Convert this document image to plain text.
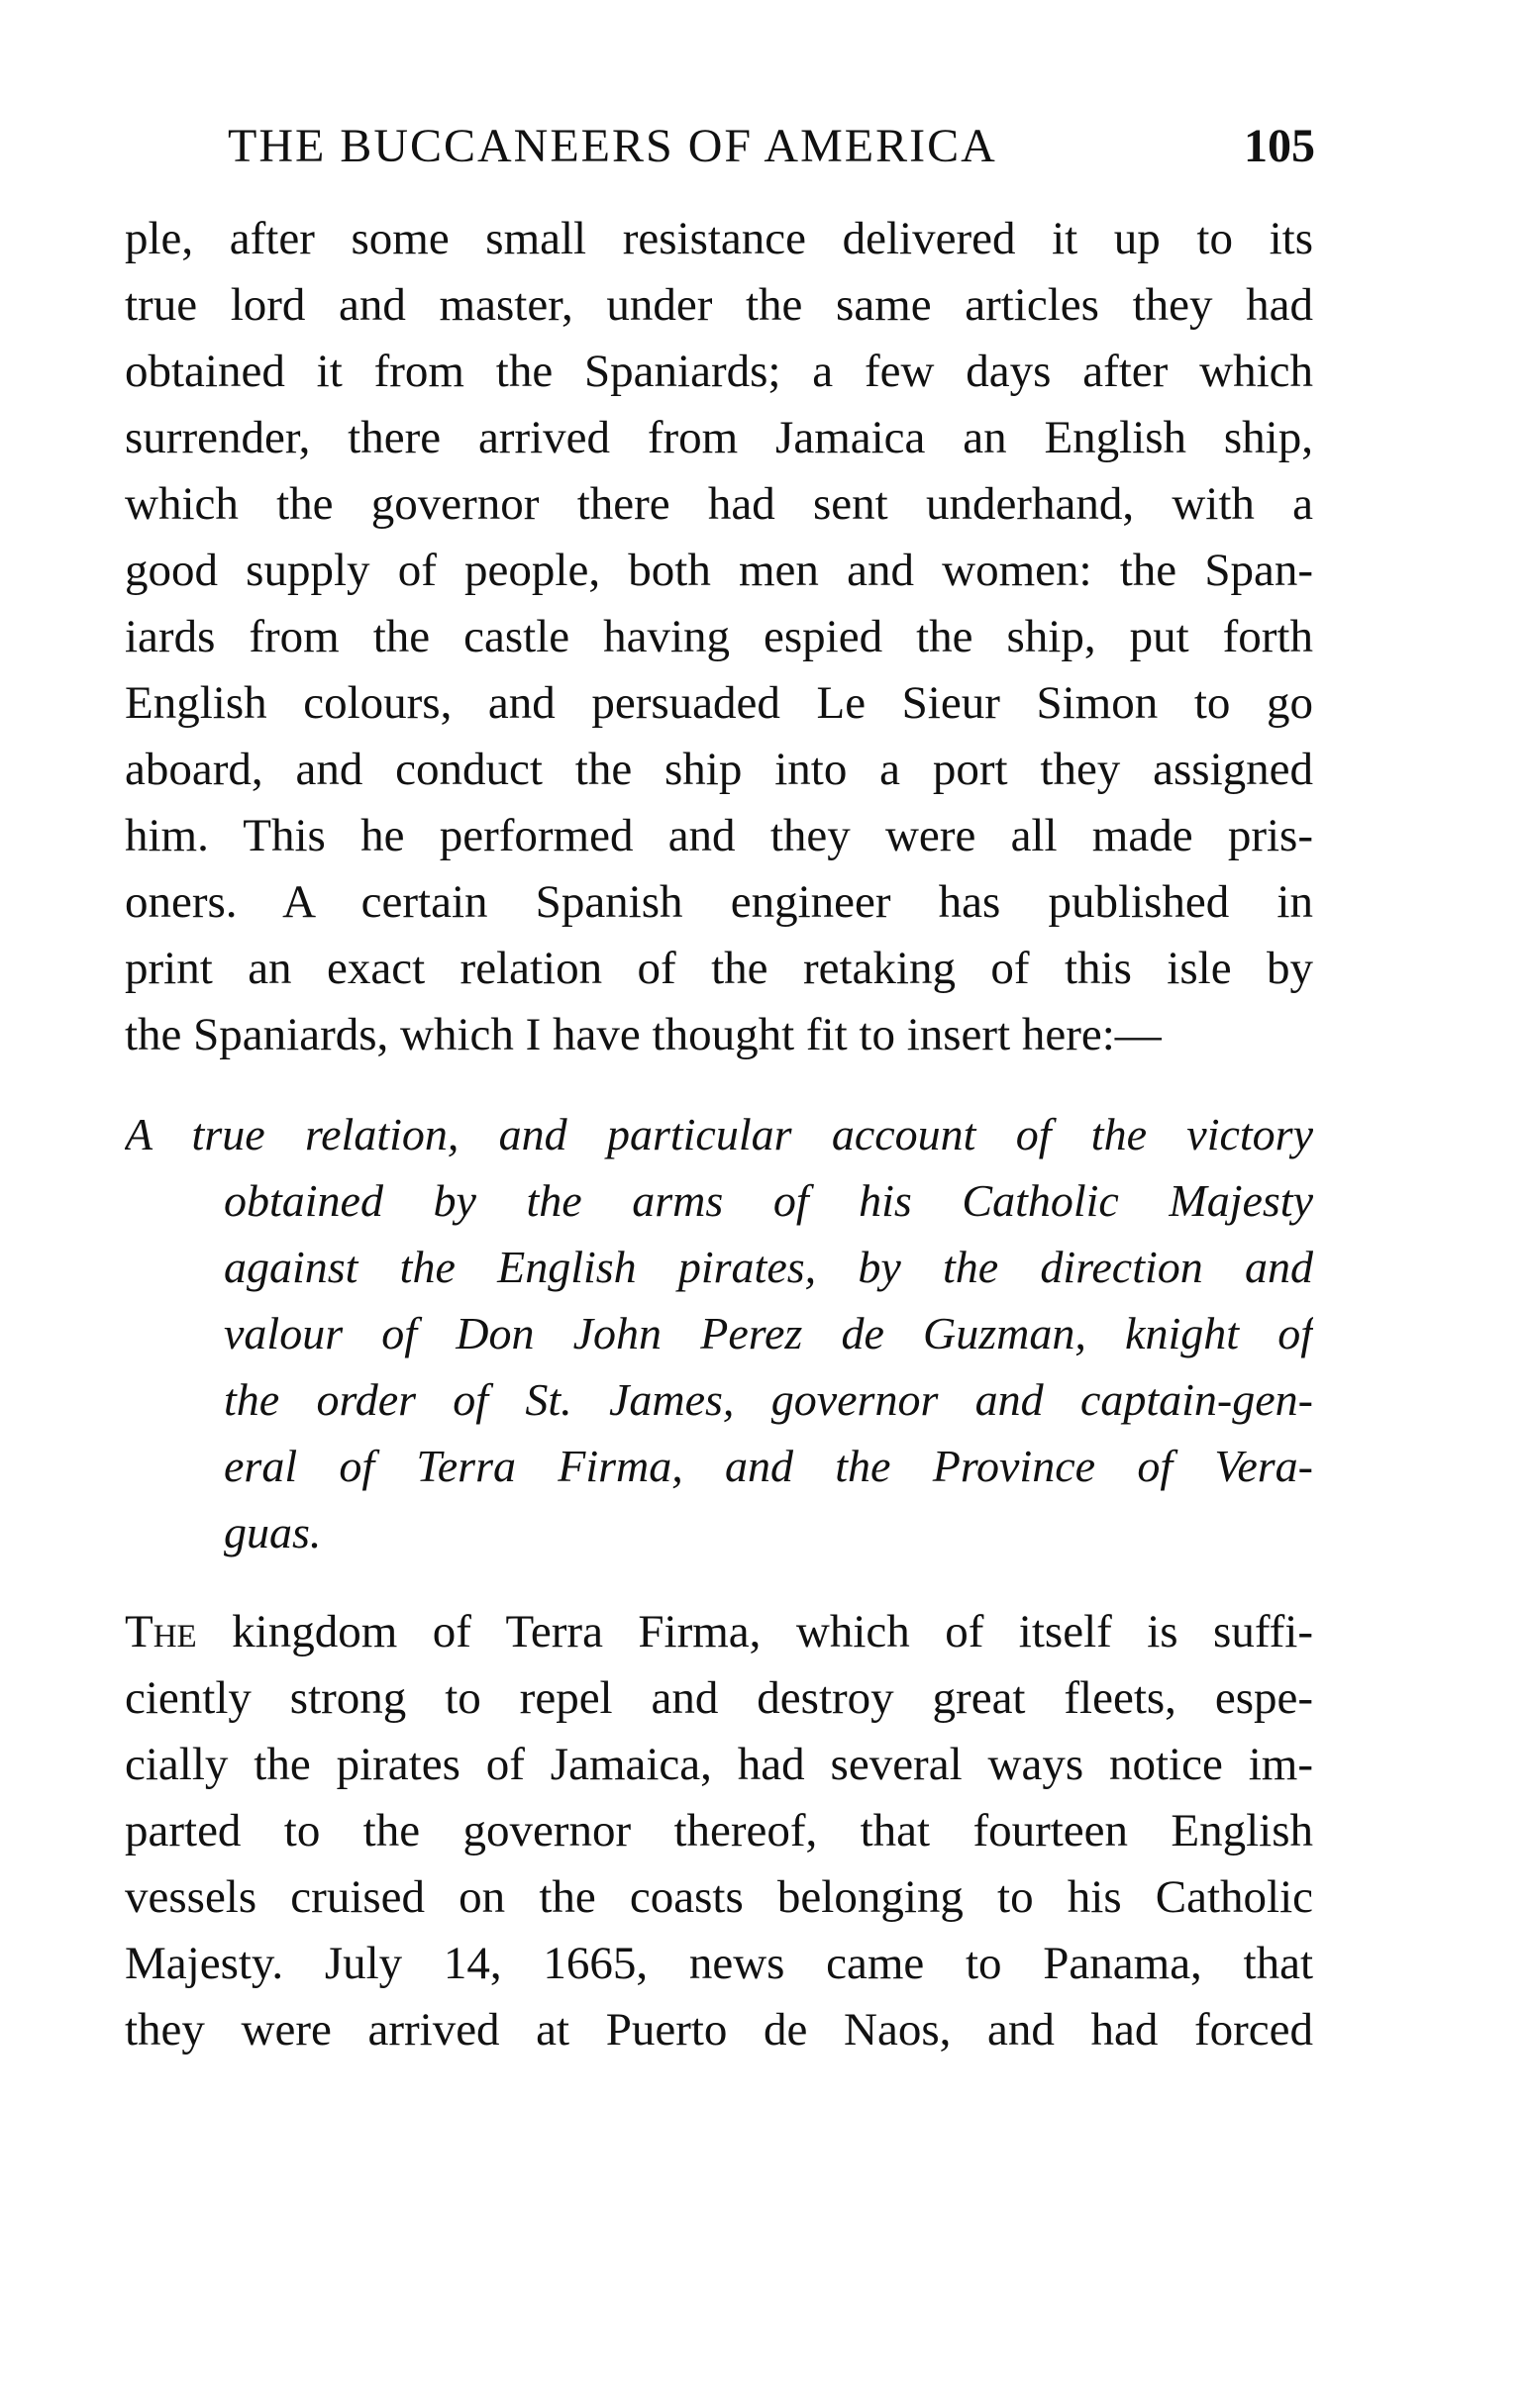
THE BUCCANEERS OF AMERICA	105
ple, after some small resistance delivered it up to its
true lord and master, under the same articles they had
obtained it from the Spaniards; a few days after which
surrender, there arrived from Jamaica an English ship,
which the governor there had sent underhand, with a
good supply of people, both men and women: the Span-
iards from the castle having espied the ship, put forth
English colours, and persuaded Le Sieur Simon to go
aboard, and conduct the ship into a port they assigned
him. This he performed and they were all made pris-
oners. A certain Spanish engineer has published in
print an exact relation of the retaking of this isle by
the Spaniards, which I have thought fit to insert here:—
A true relation, and particular account of the victory
obtained by the arms of his Catholic Majesty
against the English pirates, by the direction and
valour of Don John Perez de Guzman, knight of
the order of St. James, governor and captain-gen-
eral of Terra Firma, and the Province of Vera-
guas.
The kingdom of Terra Firma, which of itself is suffi-
ciently strong to repel and destroy great fleets, espe-
cially the pirates of Jamaica, had several ways notice im-
parted to the governor thereof, that fourteen English
vessels cruised on the coasts belonging to his Catholic
Majesty. July 14, 1665, news came to Panama, that
they were arrived at Puerto de Naos, and had forced
